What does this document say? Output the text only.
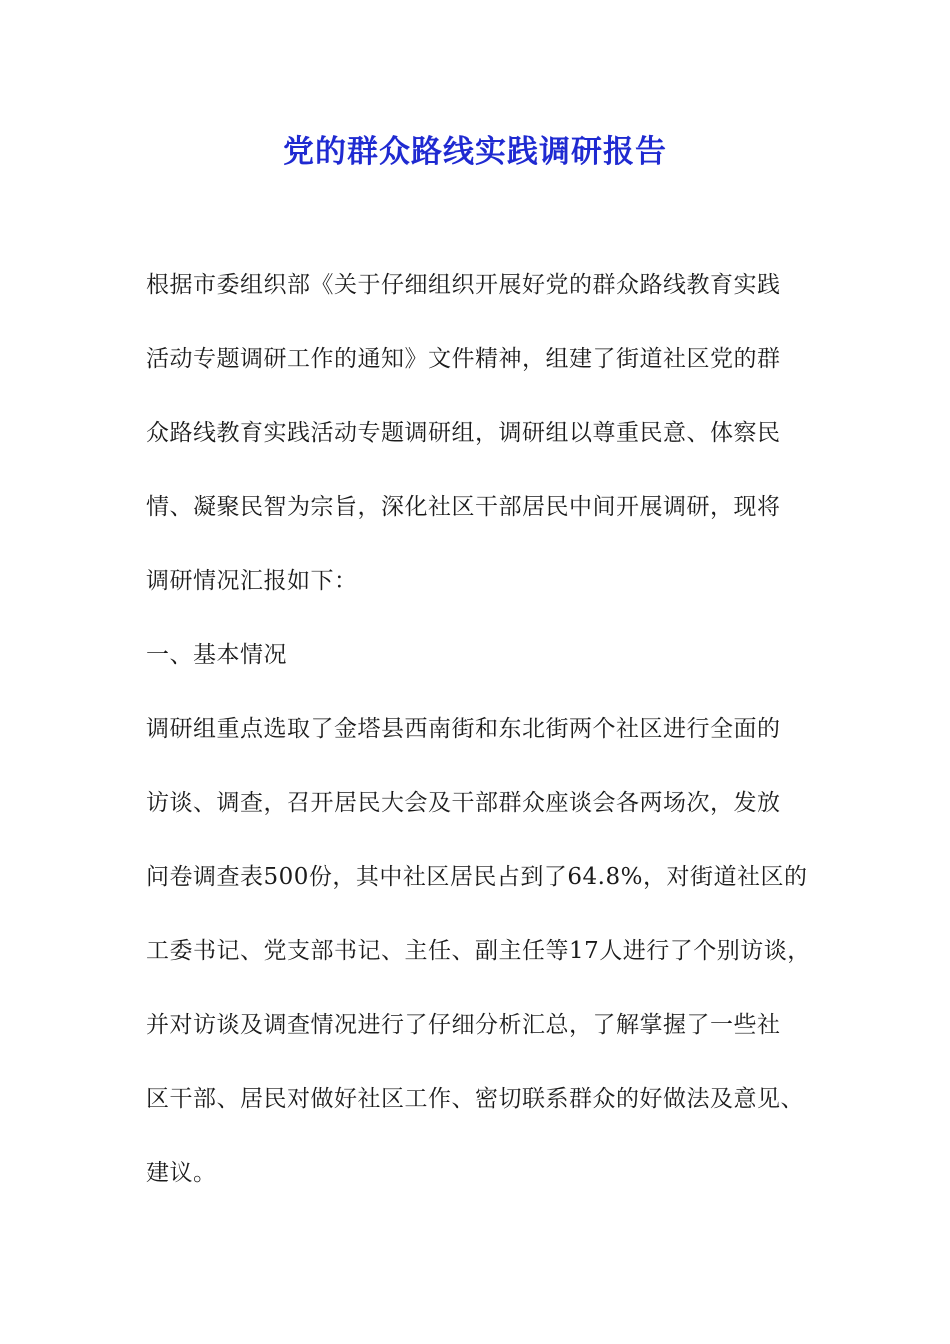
党的群众路线实践调研报告
根据市委组织部《关于仔细组织开展好党的群众路线教育实践
活动专题调研工作的通知》文件精神，组建了街道社区党的群
众路线教育实践活动专题调研组，调研组以尊重民意、体察民
情、凝聚民智为宗旨，深化社区干部居民中间开展调研，现将
调研情况汇报如下：
一、基本情况
调研组重点选取了金塔县西南街和东北街两个社区进行全面的
访谈、调查，召开居民大会及干部群众座谈会各两场次，发放
问卷调查表500份，其中社区居民占到了64.8%，对街道社区的
工委书记、党支部书记、主任、副主任等17人进行了个别访谈，
并对访谈及调查情况进行了仔细分析汇总，了解掌握了一些社
区干部、居民对做好社区工作、密切联系群众的好做法及意见、
建议。
